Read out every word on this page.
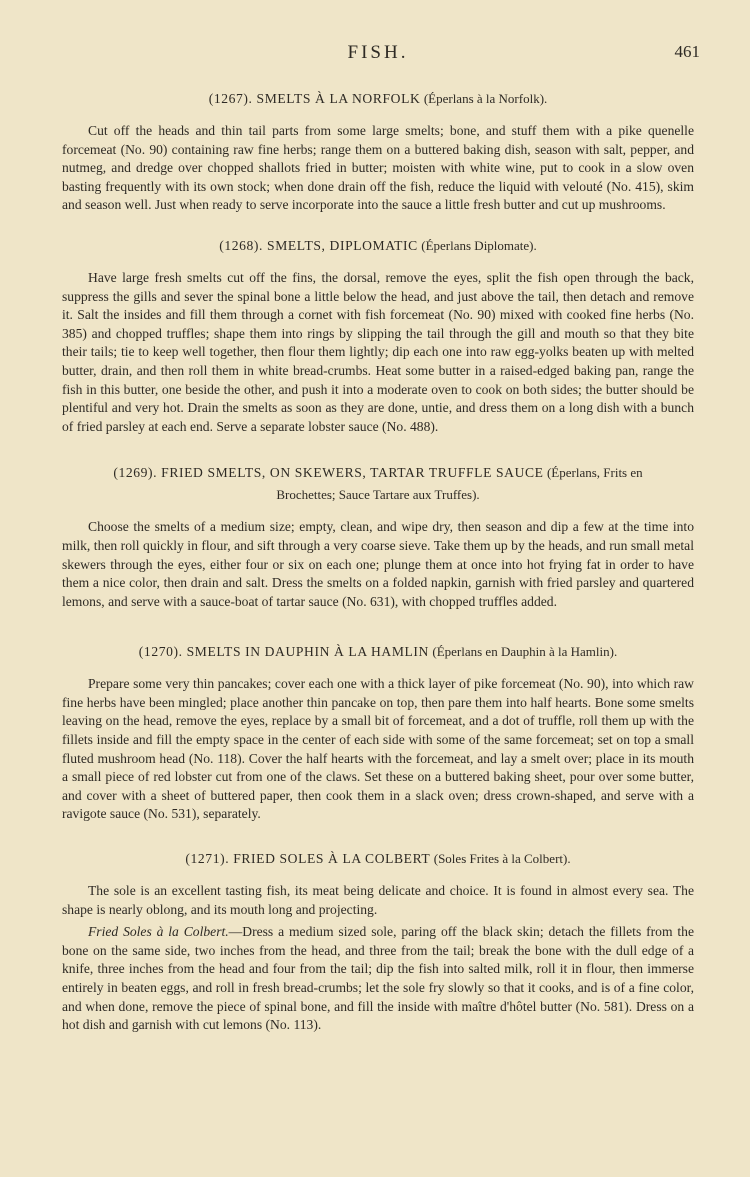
FISH.	461
(1267). SMELTS À LA NORFOLK (Éperlans à la Norfolk).

Cut off the heads and thin tail parts from some large smelts; bone, and stuff them with a pike quenelle forcemeat (No. 90) containing raw fine herbs; range them on a buttered baking dish, season with salt, pepper, and nutmeg, and dredge over chopped shallots fried in butter; moisten with white wine, put to cook in a slow oven basting frequently with its own stock; when done drain off the fish, reduce the liquid with velouté (No. 415), skim and season well. Just when ready to serve incorporate into the sauce a little fresh butter and cut up mushrooms.

(1268). SMELTS, DIPLOMATIC (Éperlans Diplomate).

Have large fresh smelts cut off the fins, the dorsal, remove the eyes, split the fish open through the back, suppress the gills and sever the spinal bone a little below the head, and just above the tail, then detach and remove it. Salt the insides and fill them through a cornet with fish forcemeat (No. 90) mixed with cooked fine herbs (No. 385) and chopped truffles; shape them into rings by slipping the tail through the gill and mouth so that they bite their tails; tie to keep well together, then flour them lightly; dip each one into raw egg-yolks beaten up with melted butter, drain, and then roll them in white bread-crumbs. Heat some butter in a raised-edged baking pan, range the fish in this butter, one beside the other, and push it into a moderate oven to cook on both sides; the butter should be plentiful and very hot. Drain the smelts as soon as they are done, untie, and dress them on a long dish with a bunch of fried parsley at each end. Serve a separate lobster sauce (No. 488).

(1269). FRIED SMELTS, ON SKEWERS, TARTAR TRUFFLE SAUCE (Éperlans, Frits en
Brochettes; Sauce Tartare aux Truffes).

Choose the smelts of a medium size; empty, clean, and wipe dry, then season and dip a few at the time into milk, then roll quickly in flour, and sift through a very coarse sieve. Take them up by the heads, and run small metal skewers through the eyes, either four or six on each one; plunge them at once into hot frying fat in order to have them a nice color, then drain and salt. Dress the smelts on a folded napkin, garnish with fried parsley and quartered lemons, and serve with a sauce-boat of tartar sauce (No. 631), with chopped truffles added.

(1270). SMELTS IN DAUPHIN À LA HAMLIN (Éperlans en Dauphin à la Hamlin).

Prepare some very thin pancakes; cover each one with a thick layer of pike forcemeat (No. 90), into which raw fine herbs have been mingled; place another thin pancake on top, then pare them into half hearts. Bone some smelts leaving on the head, remove the eyes, replace by a small bit of forcemeat, and a dot of truffle, roll them up with the fillets inside and fill the empty space in the center of each side with some of the same forcemeat; set on top a small fluted mushroom head (No. 118). Cover the half hearts with the forcemeat, and lay a smelt over; place in its mouth a small piece of red lobster cut from one of the claws. Set these on a buttered baking sheet, pour over some butter, and cover with a sheet of buttered paper, then cook them in a slack oven; dress crown-shaped, and serve with a ravigote sauce (No. 531), separately.

(1271). FRIED SOLES À LA COLBERT (Soles Frites à la Colbert).

The sole is an excellent tasting fish, its meat being delicate and choice. It is found in almost every sea. The shape is nearly oblong, and its mouth long and projecting.

Fried Soles à la Colbert.—Dress a medium sized sole, paring off the black skin; detach the fillets from the bone on the same side, two inches from the head, and three from the tail; break the bone with the dull edge of a knife, three inches from the head and four from the tail; dip the fish into salted milk, roll it in flour, then immerse entirely in beaten eggs, and roll in fresh bread-crumbs; let the sole fry slowly so that it cooks, and is of a fine color, and when done, remove the piece of spinal bone, and fill the inside with maître d'hôtel butter (No. 581). Dress on a hot dish and garnish with cut lemons (No. 113).
